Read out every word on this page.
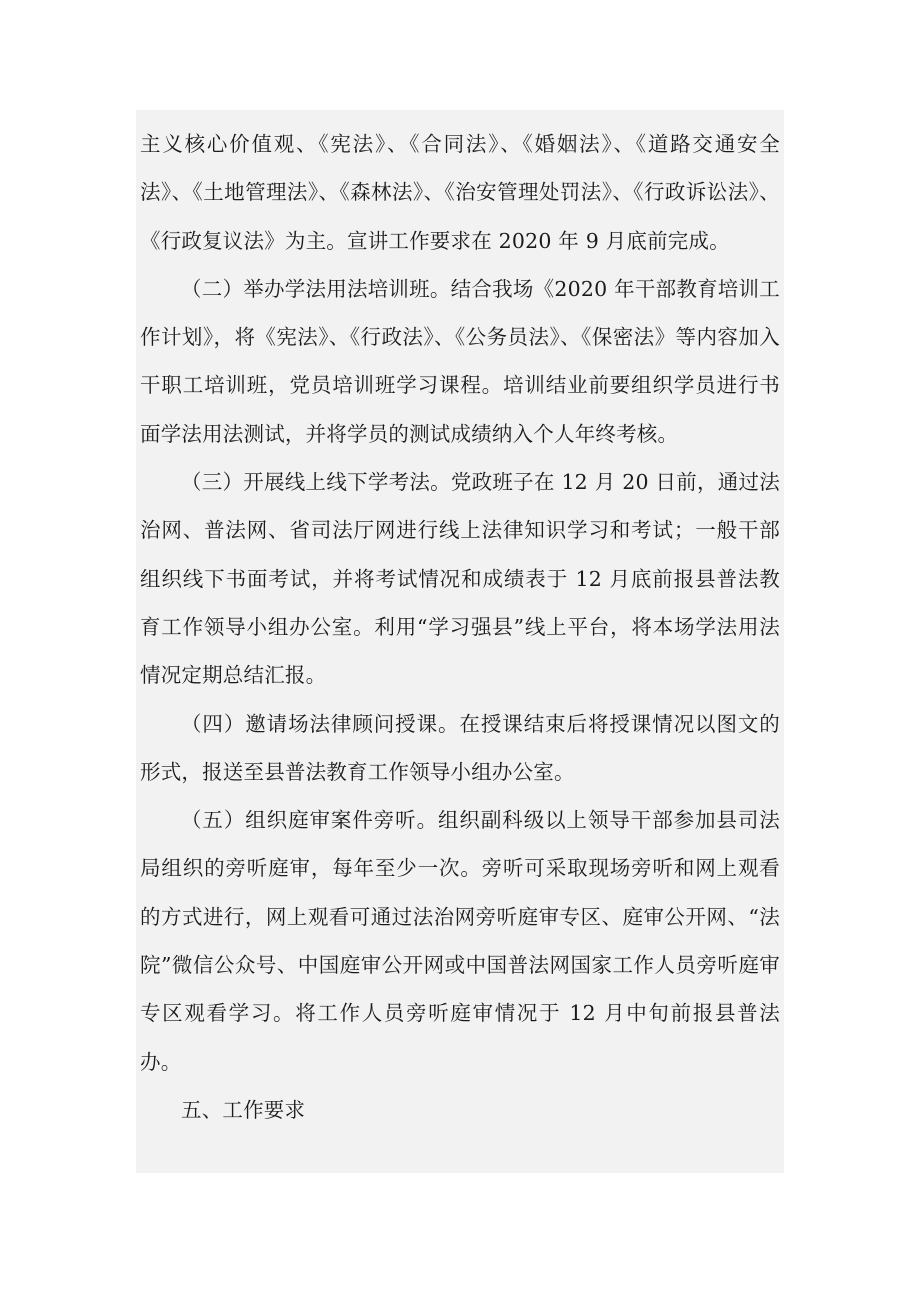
主义核心价值观、《宪法》、《合同法》、《婚姻法》、《道路交通安全法》、《土地管理法》、《森林法》、《治安管理处罚法》、《行政诉讼法》、《行政复议法》为主。宣讲工作要求在 2020 年 9 月底前完成。

（二）举办学法用法培训班。结合我场《2020 年干部教育培训工作计划》，将《宪法》、《行政法》、《公务员法》、《保密法》等内容加入干职工培训班，党员培训班学习课程。培训结业前要组织学员进行书面学法用法测试，并将学员的测试成绩纳入个人年终考核。

（三）开展线上线下学考法。党政班子在 12 月 20 日前，通过法治网、普法网、省司法厅网进行线上法律知识学习和考试；一般干部组织线下书面考试，并将考试情况和成绩表于 12 月底前报县普法教育工作领导小组办公室。利用“学习强县”线上平台，将本场学法用法情况定期总结汇报。

（四）邀请场法律顾问授课。在授课结束后将授课情况以图文的形式，报送至县普法教育工作领导小组办公室。

（五）组织庭审案件旁听。组织副科级以上领导干部参加县司法局组织的旁听庭审，每年至少一次。旁听可采取现场旁听和网上观看的方式进行，网上观看可通过法治网旁听庭审专区、庭审公开网、“法院”微信公众号、中国庭审公开网或中国普法网国家工作人员旁听庭审专区观看学习。将工作人员旁听庭审情况于 12 月中旬前报县普法办。

五、工作要求
